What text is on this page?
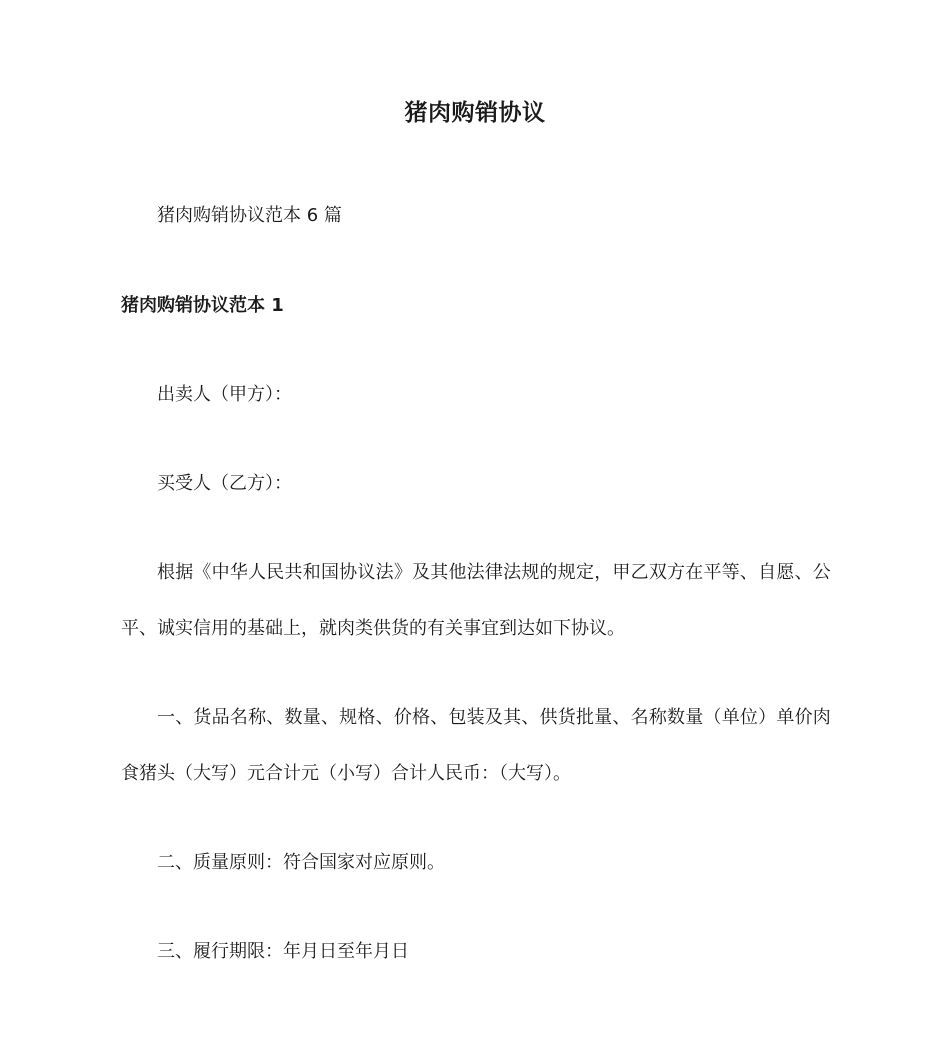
猪肉购销协议

猪肉购销协议范本 6 篇

猪肉购销协议范本 1

出卖人（甲方）：

买受人（乙方）：

根据《中华人民共和国协议法》及其他法律法规的规定，甲乙双方在平等、自愿、公

平、诚实信用的基础上，就肉类供货的有关事宜到达如下协议。

一、货品名称、数量、规格、价格、包装及其、供货批量、名称数量（单位）单价肉

食猪头（大写）元合计元（小写）合计人民币：（大写）。

二、质量原则：符合国家对应原则。

三、履行期限：年月日至年月日
